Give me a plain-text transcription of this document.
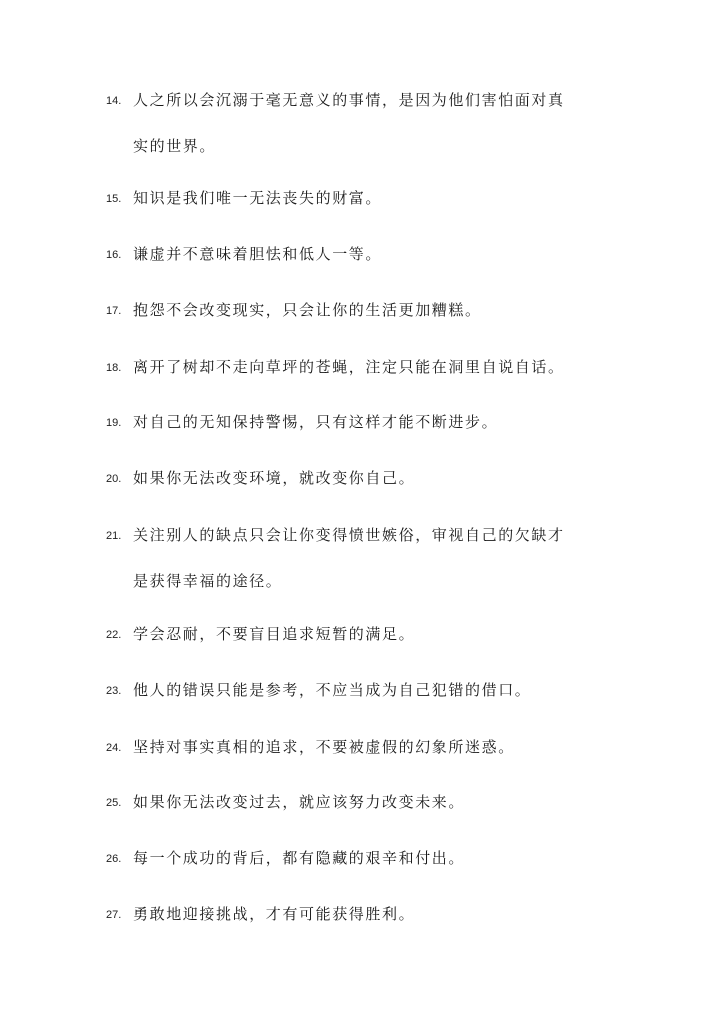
14. 人之所以会沉溺于毫无意义的事情，是因为他们害怕面对真
实的世界。
15. 知识是我们唯一无法丧失的财富。
16. 谦虚并不意味着胆怯和低人一等。
17. 抱怨不会改变现实，只会让你的生活更加糟糕。
18. 离开了树却不走向草坪的苍蝇，注定只能在洞里自说自话。
19. 对自己的无知保持警惕，只有这样才能不断进步。
20. 如果你无法改变环境，就改变你自己。
21. 关注别人的缺点只会让你变得愤世嫉俗，审视自己的欠缺才
是获得幸福的途径。
22. 学会忍耐，不要盲目追求短暂的满足。
23. 他人的错误只能是参考，不应当成为自己犯错的借口。
24. 坚持对事实真相的追求，不要被虚假的幻象所迷惑。
25. 如果你无法改变过去，就应该努力改变未来。
26. 每一个成功的背后，都有隐藏的艰辛和付出。
27. 勇敢地迎接挑战，才有可能获得胜利。
